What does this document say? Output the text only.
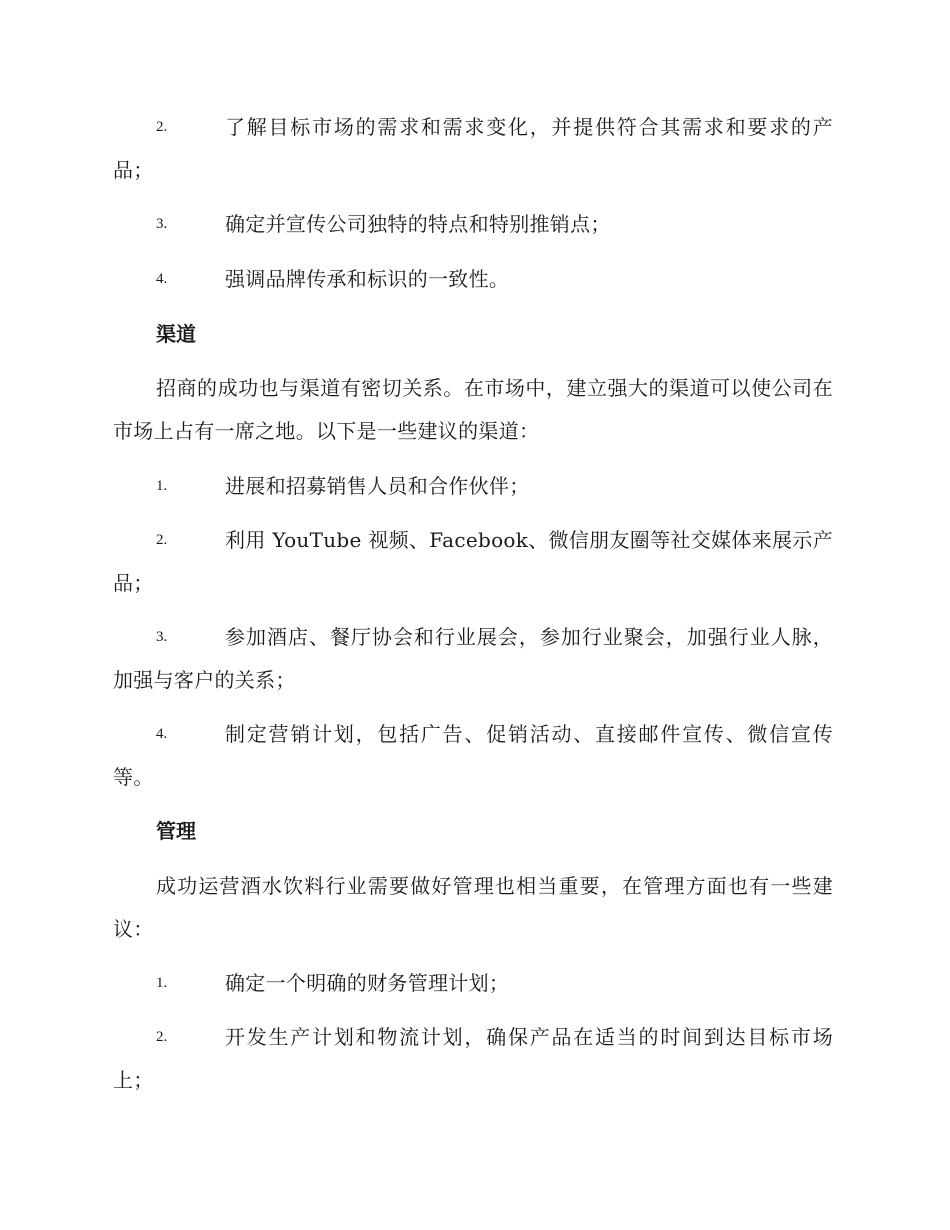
2.	了解目标市场的需求和需求变化，并提供符合其需求和要求的产品；
3.	确定并宣传公司独特的特点和特别推销点；
4.	强调品牌传承和标识的一致性。
渠道
招商的成功也与渠道有密切关系。在市场中，建立强大的渠道可以使公司在市场上占有一席之地。以下是一些建议的渠道：
1.	进展和招募销售人员和合作伙伴；
2.	利用 YouTube 视频、Facebook、微信朋友圈等社交媒体来展示产品；
3.	参加酒店、餐厅协会和行业展会，参加行业聚会，加强行业人脉，加强与客户的关系；
4.	制定营销计划，包括广告、促销活动、直接邮件宣传、微信宣传等。
管理
成功运营酒水饮料行业需要做好管理也相当重要，在管理方面也有一些建议：
1.	确定一个明确的财务管理计划；
2.	开发生产计划和物流计划，确保产品在适当的时间到达目标市场上；
